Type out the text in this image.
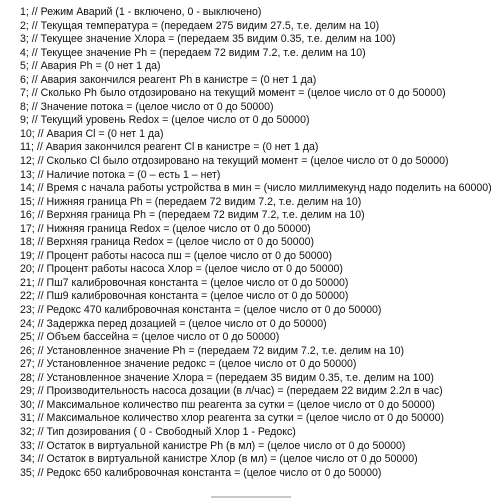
1; // Режим Аварий (1 - включено, 0 - выключено)
2; // Текущая температура = (передаем 275 видим 27.5, т.е. делим на 10)
3; // Текущее значение Хлора = (передаем 35 видим 0.35, т.е. делим на 100)
4; // Текущее значение Ph = (передаем 72 видим 7.2, т.е. делим на 10)
5; // Авария Ph = (0 нет 1 да)
6; // Авария закончился реагент Ph в канистре = (0 нет 1 да)
7; // Сколько Ph было отдозировано на текущий момент = (целое число от 0 до 50000)
8; // Значение потока = (целое число от 0 до 50000)
9; // Текущий уровень Redox = (целое число от 0 до 50000)
10; // Авария Cl = (0 нет 1 да)
11; // Авария закончился реагент Cl в канистре = (0 нет 1 да)
12; // Сколько Cl было отдозировано на текущий момент = (целое число от 0 до 50000)
13; // Наличие потока = (0 – есть 1 – нет)
14; // Время с начала работы устройства в мин = (число миллимекунд надо поделить на 60000)
15; // Нижняя граница Ph = (передаем 72 видим 7.2, т.е. делим на 10)
16; // Верхняя граница Ph = (передаем 72 видим 7.2, т.е. делим на 10)
17; // Нижняя граница Redox = (целое число от 0 до 50000)
18; // Верхняя граница Redox = (целое число от 0 до 50000)
19; // Процент работы насоса пш = (целое число от 0 до 50000)
20; // Процент работы насоса Хлор = (целое число от 0 до 50000)
21; // Пш7 калибровочная константа = (целое число от 0 до 50000)
22; // Пш9 калибровочная константа = (целое число от 0 до 50000)
23; // Редокс 470 калибровочная константа = (целое число от 0 до 50000)
24; // Задержка перед дозацией = (целое число от 0 до 50000)
25; // Объем бассейна = (целое число от 0 до 50000)
26; // Установленное значение Ph = (передаем 72 видим 7.2, т.е. делим на 10)
27; // Установленное значение редокс = (целое число от 0 до 50000)
28; // Установленное значение Хлора = (передаем 35 видим 0.35, т.е. делим на 100)
29; // Производительность насоса дозации (в л/час) = (передаем 22 видим 2.2л в час)
30; // Максимальное количество пш реагента за сутки = (целое число от 0 до 50000)
31; // Максимальное количество хлор реагента за сутки = (целое число от 0 до 50000)
32; // Тип дозирования ( 0 - Свободный Хлор 1 - Редокс)
33; // Остаток в виртуальной канистре Ph (в мл) = (целое число от 0 до 50000)
34; // Остаток в виртуальной канистре Хлор (в мл) = (целое число от 0 до 50000)
35; // Редокс 650 калибровочная константа = (целое число от 0 до 50000)
